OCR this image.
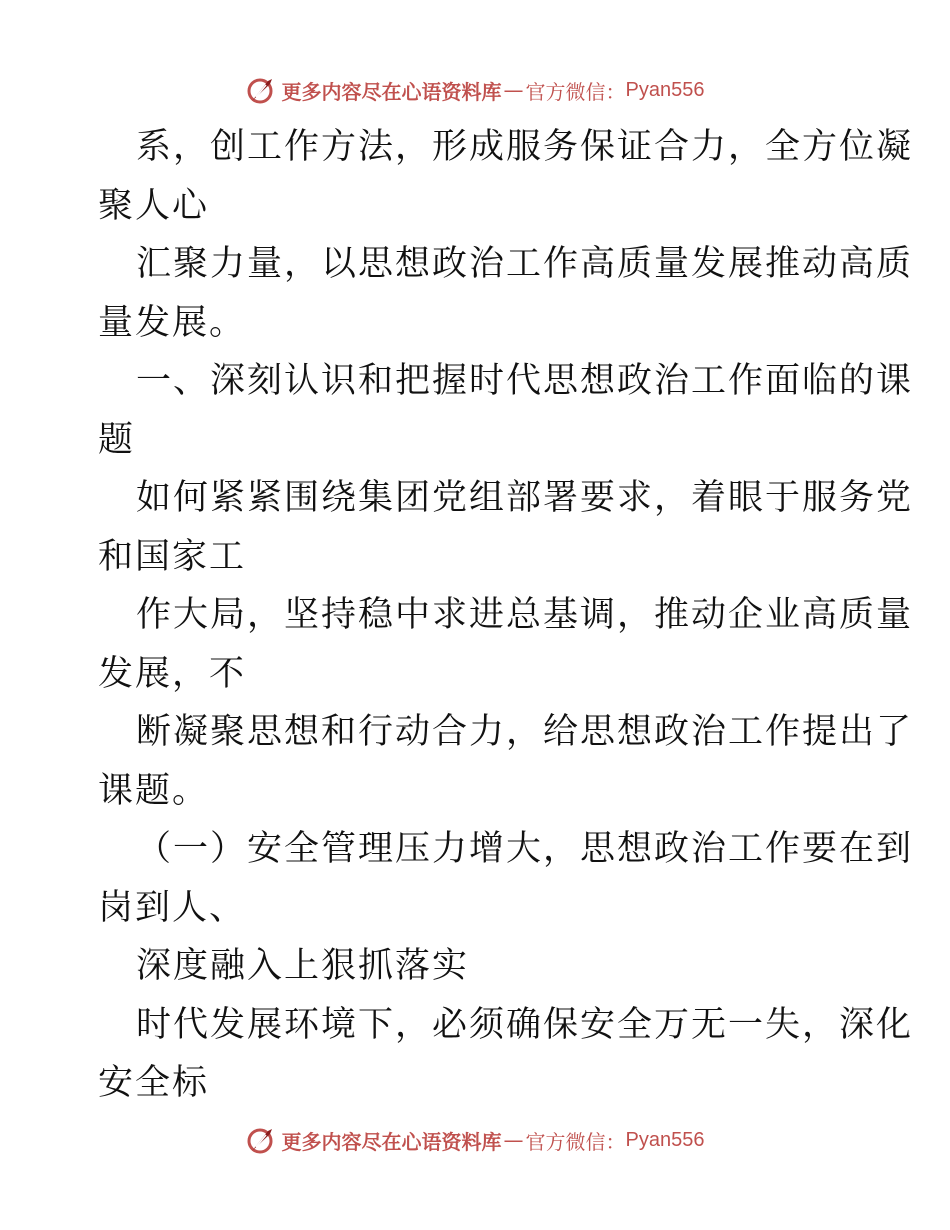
更多内容尽在心语资料库 — 官方微信： Pyan556

系，创工作方法，形成服务保证合力，全方位凝

聚人心

汇聚力量，以思想政治工作高质量发展推动高质

量发展。

一、深刻认识和把握时代思想政治工作面临的课

题

如何紧紧围绕集团党组部署要求，着眼于服务党

和国家工

作大局，坚持稳中求进总基调，推动企业高质量

发展，不

断凝聚思想和行动合力，给思想政治工作提出了

课题。

（一）安全管理压力增大，思想政治工作要在到

岗到人、

深度融入上狠抓落实

时代发展环境下，必须确保安全万无一失，深化

安全标

更多内容尽在心语资料库 — 官方微信： Pyan556
